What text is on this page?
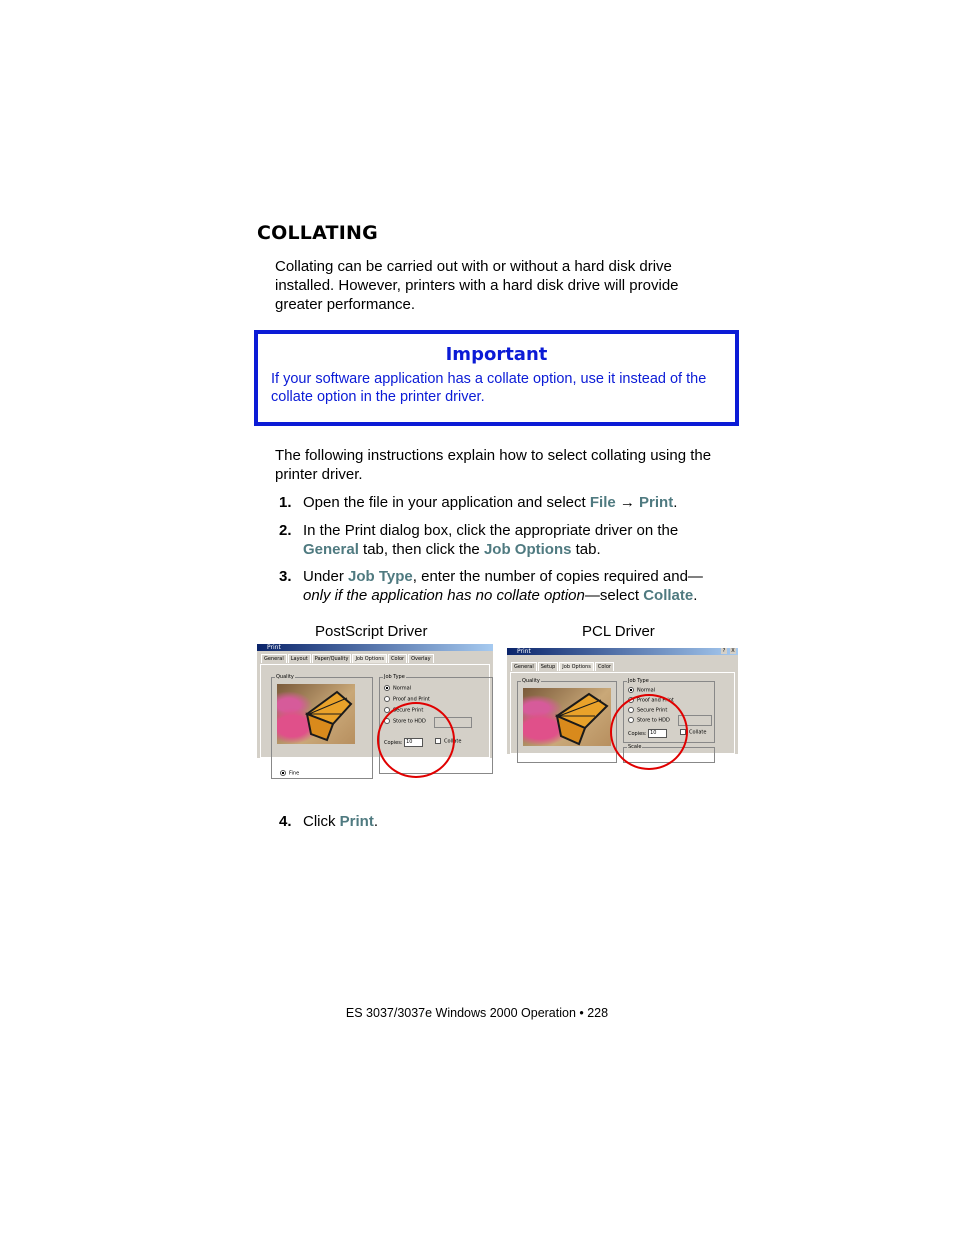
COLLATING
Collating can be carried out with or without a hard disk drive installed. However, printers with a hard disk drive will provide greater performance.
Important
If your software application has a collate option, use it instead of the collate option in the printer driver.
The following instructions explain how to select collating using the printer driver.
1. Open the file in your application and select File → Print.
2. In the Print dialog box, click the appropriate driver on the General tab, then click the Job Options tab.
3. Under Job Type, enter the number of copies required and—
only if the application has no collate option—select Collate.
PostScript Driver	PCL Driver
Print
General Layout Paper/Quality Job Options Color Overlay
Quality
Fine
Job Type
Normal
Proof and Print
Secure Print
Store to HDD
Copies: 10	Collate
Print	?	X
General Setup Job Options Color
Quality	Job Type
Normal
Proof and Print
Secure Print
Store to HDD
Copies: 10	Collate
Scale
4. Click Print.
ES 3037/3037e Windows 2000 Operation • 228
